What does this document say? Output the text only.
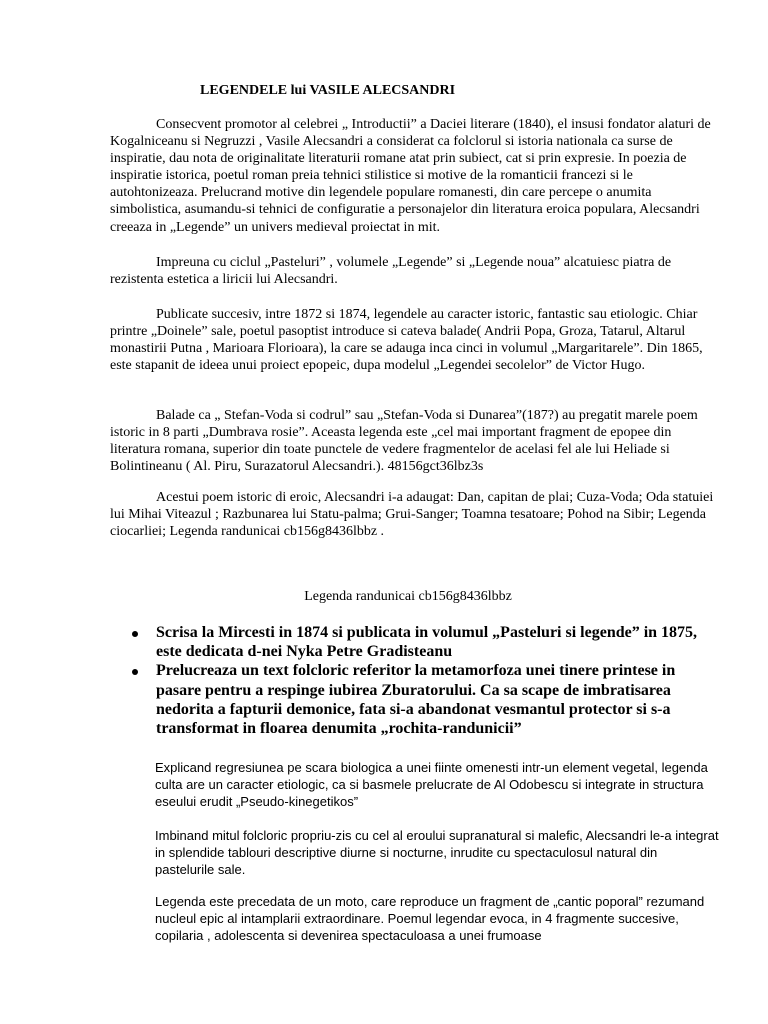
LEGENDELE lui VASILE ALECSANDRI

Consecvent promotor al celebrei „ Introductii” a Daciei literare (1840), el insusi fondator alaturi de Kogalniceanu si Negruzzi , Vasile Alecsandri a considerat ca folclorul si istoria nationala ca surse de inspiratie, dau nota de originalitate literaturii romane atat prin subiect, cat si prin expresie. In poezia de inspiratie istorica, poetul roman preia tehnici stilistice si motive de la romanticii francezi si le autohtonizeaza. Prelucrand motive din legendele populare romanesti, din care percepe o anumita simbolistica, asumandu-si tehnici de configuratie a personajelor din literatura eroica populara, Alecsandri creeaza in „Legende” un univers medieval proiectat in mit.

Impreuna cu ciclul „Pasteluri” , volumele „Legende” si „Legende noua” alcatuiesc piatra de rezistenta estetica a liricii lui Alecsandri.

Publicate succesiv, intre 1872 si 1874, legendele au caracter istoric, fantastic sau etiologic. Chiar printre „Doinele” sale, poetul pasoptist introduce si cateva balade( Andrii Popa, Groza, Tatarul, Altarul monastirii Putna , Marioara Florioara), la care se adauga inca cinci in volumul „Margaritarele”. Din 1865, este stapanit de ideea unui proiect epopeic, dupa modelul „Legendei secolelor” de Victor Hugo.

Balade ca „ Stefan-Voda si codrul” sau „Stefan-Voda si Dunarea”(187?) au pregatit marele poem istoric in 8 parti „Dumbrava rosie”. Aceasta legenda este „cel mai important fragment de epopee din literatura romana, superior din toate punctele de vedere fragmentelor de acelasi fel ale lui Heliade si Bolintineanu ( Al. Piru, Surazatorul Alecsandri.). 48156gct36lbz3s

Acestui poem istoric di eroic, Alecsandri i-a adaugat: Dan, capitan de plai; Cuza-Voda; Oda statuiei lui Mihai Viteazul ; Razbunarea lui Statu-palma; Grui-Sanger; Toamna tesatoare; Pohod na Sibir; Legenda ciocarliei; Legenda randunicai cb156g8436lbbz .

Legenda randunicai cb156g8436lbbz
Scrisa la Mircesti in 1874 si publicata in volumul „Pasteluri si legende” in 1875, este dedicata d-nei Nyka Petre Gradisteanu
Prelucreaza un text folcloric referitor la metamorfoza unei tinere printese in pasare pentru a respinge iubirea Zburatorului. Ca sa scape de imbratisarea nedorita a fapturii demonice, fata si-a abandonat vesmantul protector si s-a transformat in floarea denumita „rochita-randunicii”

Explicand regresiunea pe scara biologica a unei fiinte omenesti intr-un element vegetal, legenda culta are un caracter etiologic, ca si basmele prelucrate de Al Odobescu si integrate in structura eseului erudit „Pseudo-kinegetikos”

Imbinand mitul folcloric propriu-zis cu cel al eroului supranatural si malefic, Alecsandri le-a integrat in splendide tablouri descriptive diurne si nocturne, inrudite cu spectaculosul natural din pastelurile sale.

Legenda este precedata de un moto, care reproduce un fragment de „cantic poporal” rezumand nucleul epic al intamplarii extraordinare. Poemul legendar evoca, in 4 fragmente succesive, copilaria , adolescenta si devenirea spectaculoasa a unei frumoase
